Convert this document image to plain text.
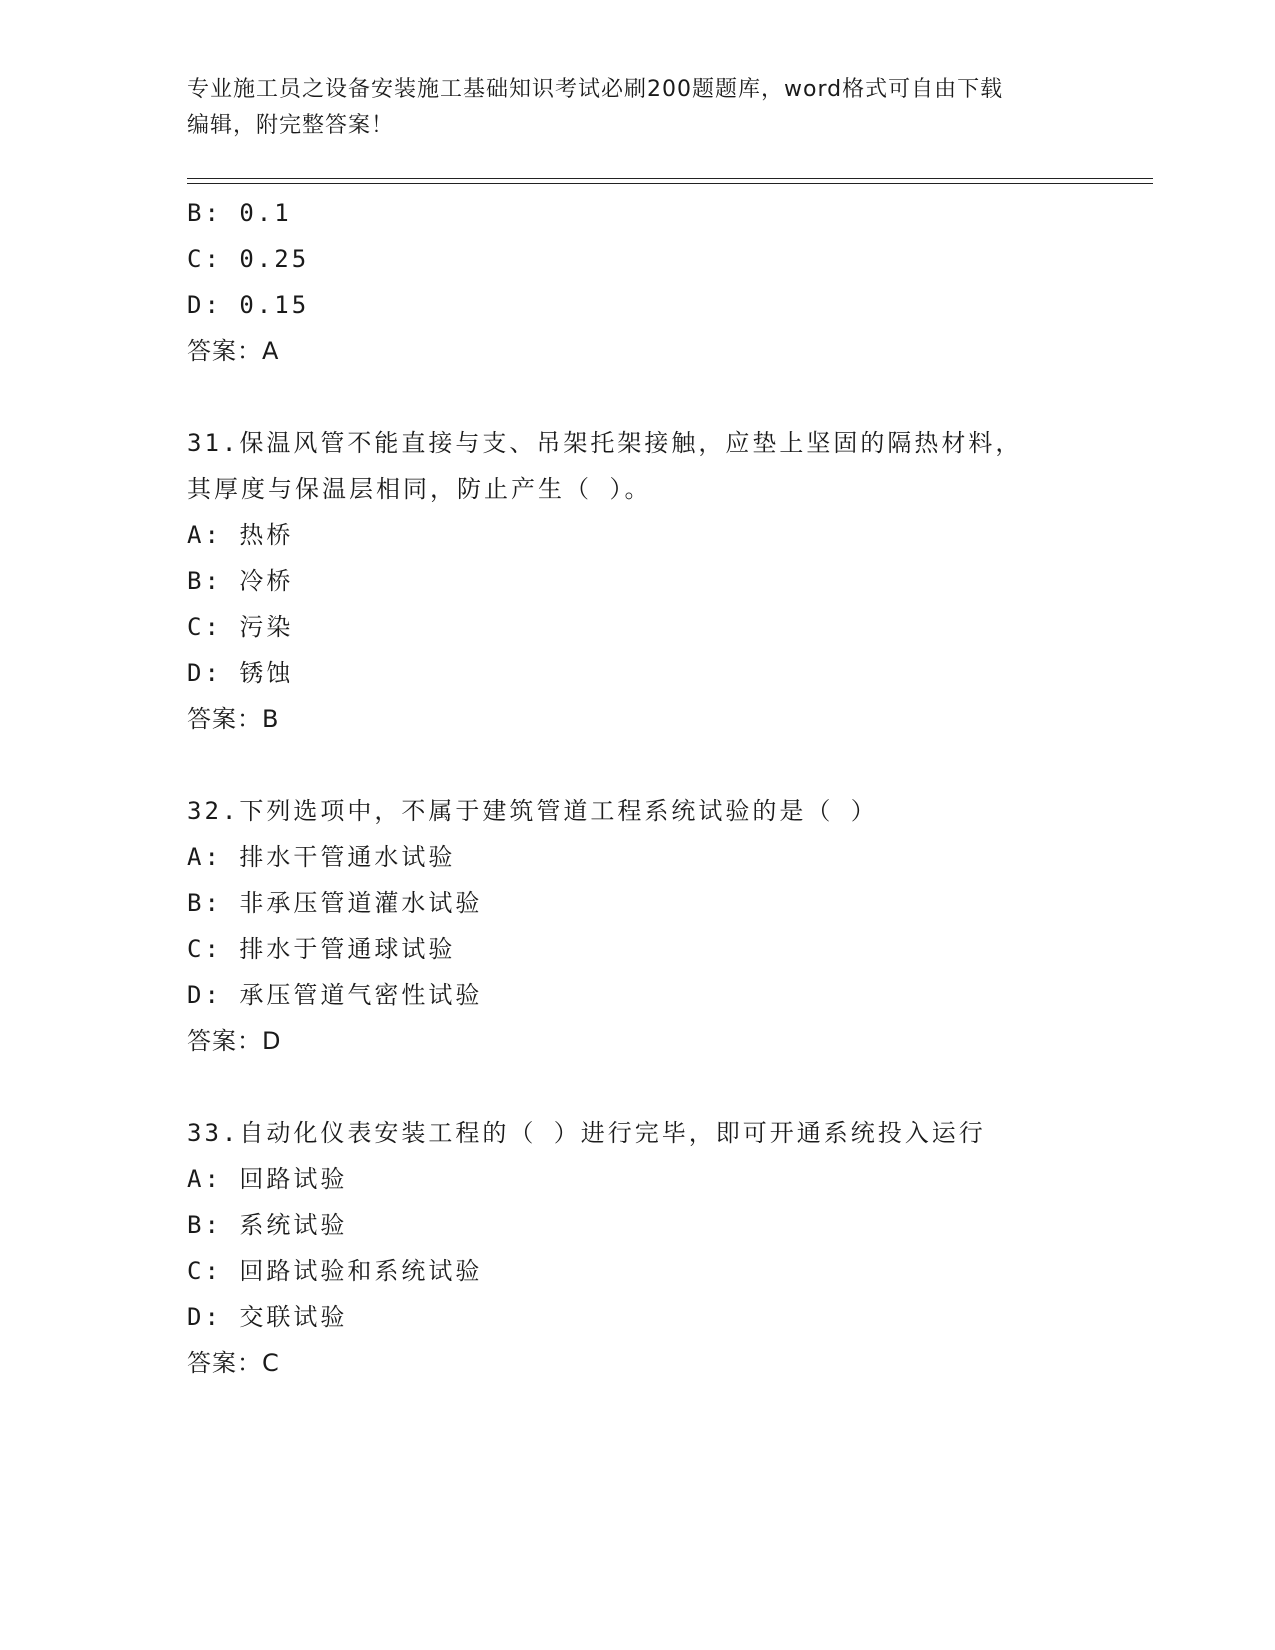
专业施工员之设备安装施工基础知识考试必刷200题题库，word格式可自由下载
编辑，附完整答案！
B: 0.1
C: 0.25
D: 0.15
答案：A
31.保温风管不能直接与支、吊架托架接触，应垫上坚固的隔热材料，
其厚度与保温层相同，防止产生（ ）。
A: 热桥
B: 冷桥
C: 污染
D: 锈蚀
答案：B
32.下列选项中，不属于建筑管道工程系统试验的是（ ）
A: 排水干管通水试验
B: 非承压管道灌水试验
C: 排水于管通球试验
D: 承压管道气密性试验
答案：D
33.自动化仪表安装工程的（ ）进行完毕，即可开通系统投入运行
A: 回路试验
B: 系统试验
C: 回路试验和系统试验
D: 交联试验
答案：C
